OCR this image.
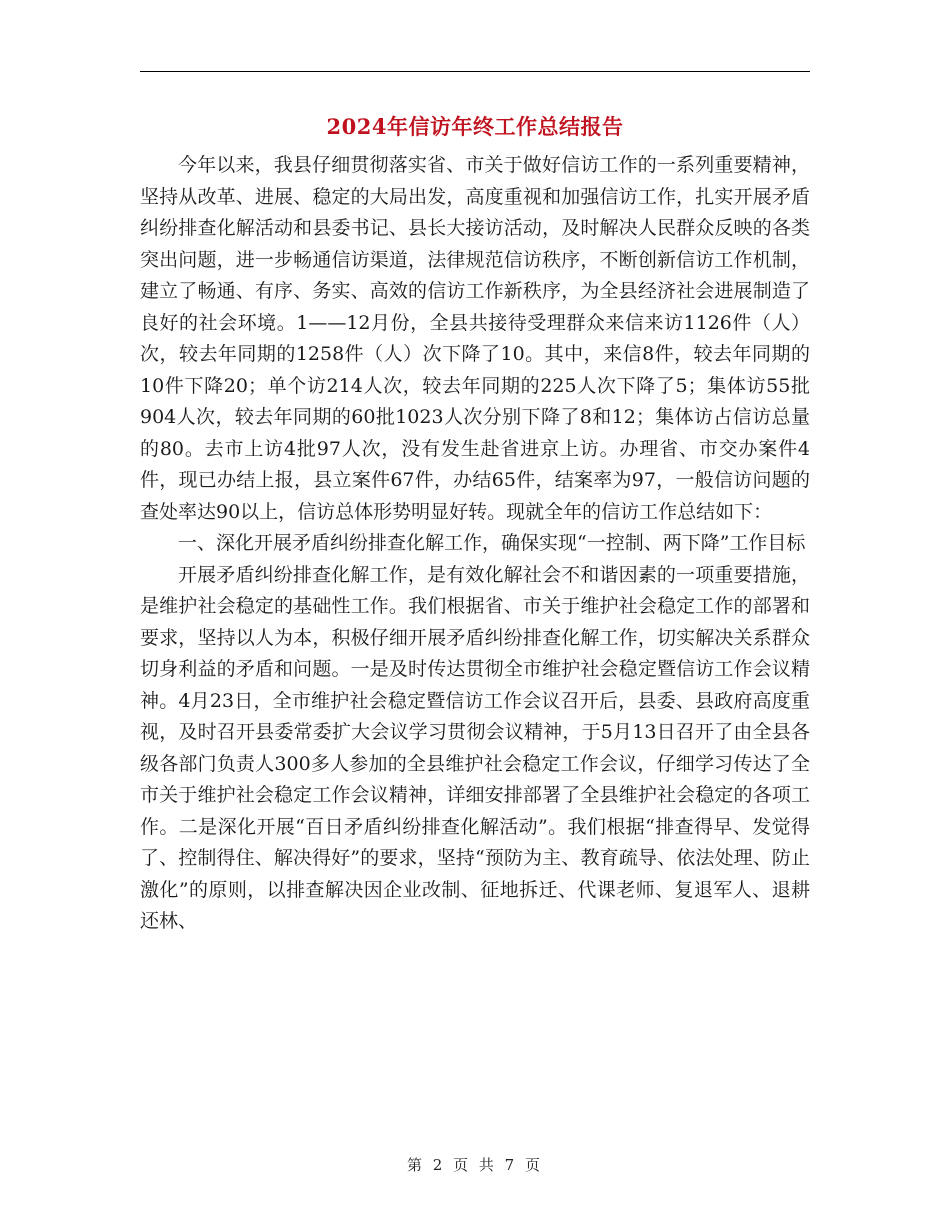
2024年信访年终工作总结报告

今年以来，我县仔细贯彻落实省、市关于做好信访工作的一系列重要精神，坚持从改革、进展、稳定的大局出发，高度重视和加强信访工作，扎实开展矛盾纠纷排查化解活动和县委书记、县长大接访活动，及时解决人民群众反映的各类突出问题，进一步畅通信访渠道，法律规范信访秩序，不断创新信访工作机制，建立了畅通、有序、务实、高效的信访工作新秩序，为全县经济社会进展制造了良好的社会环境。1——12月份，全县共接待受理群众来信来访1126件（人）次，较去年同期的1258件（人）次下降了10。其中，来信8件，较去年同期的10件下降20；单个访214人次，较去年同期的225人次下降了5；集体访55批904人次，较去年同期的60批1023人次分别下降了8和12；集体访占信访总量的80。去市上访4批97人次，没有发生赴省进京上访。办理省、市交办案件4件，现已办结上报，县立案件67件，办结65件，结案率为97，一般信访问题的查处率达90以上，信访总体形势明显好转。现就全年的信访工作总结如下：

一、深化开展矛盾纠纷排查化解工作，确保实现“一控制、两下降”工作目标

开展矛盾纠纷排查化解工作，是有效化解社会不和谐因素的一项重要措施，是维护社会稳定的基础性工作。我们根据省、市关于维护社会稳定工作的部署和要求，坚持以人为本，积极仔细开展矛盾纠纷排查化解工作，切实解决关系群众切身利益的矛盾和问题。一是及时传达贯彻全市维护社会稳定暨信访工作会议精神。4月23日，全市维护社会稳定暨信访工作会议召开后，县委、县政府高度重视，及时召开县委常委扩大会议学习贯彻会议精神，于5月13日召开了由全县各级各部门负责人300多人参加的全县维护社会稳定工作会议，仔细学习传达了全市关于维护社会稳定工作会议精神，详细安排部署了全县维护社会稳定的各项工作。二是深化开展“百日矛盾纠纷排查化解活动”。我们根据“排查得早、发觉得了、控制得住、解决得好”的要求，坚持“预防为主、教育疏导、依法处理、防止激化”的原则，以排查解决因企业改制、征地拆迁、代课老师、复退军人、退耕还林、

第 2 页 共 7 页
